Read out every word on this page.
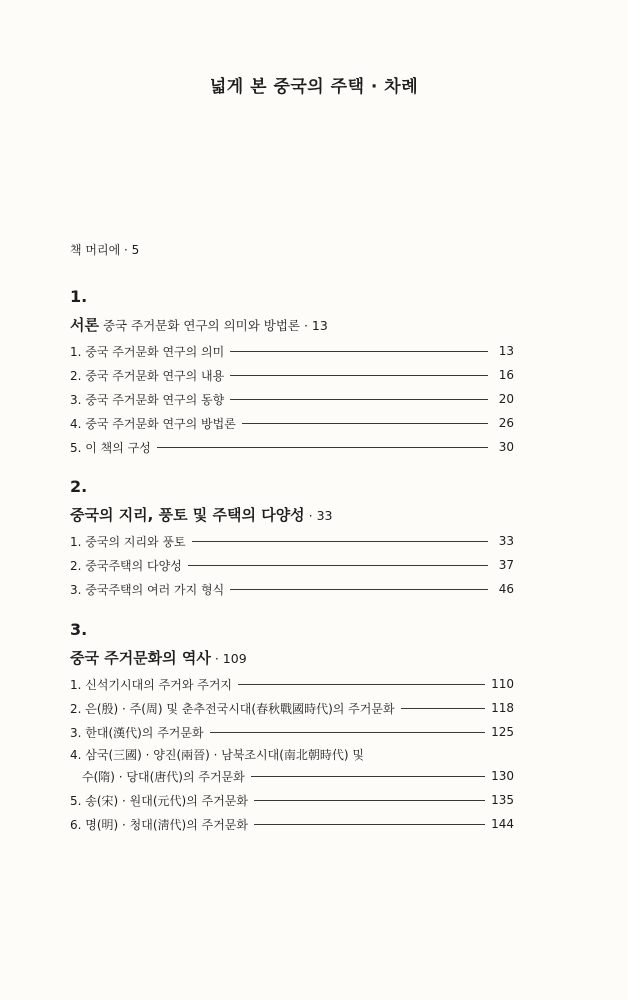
넓게 본 중국의 주택 · 차례
책 머리에 · 5
1.
서론 중국 주거문화 연구의 의미와 방법론 · 13
1. 중국 주거문화 연구의 의미	13
2. 중국 주거문화 연구의 내용	16
3. 중국 주거문화 연구의 동향	20
4. 중국 주거문화 연구의 방법론	26
5. 이 책의 구성	30
2.
중국의 지리, 풍토 및 주택의 다양성 · 33
1. 중국의 지리와 풍토	33
2. 중국주택의 다양성	37
3. 중국주택의 여러 가지 형식	46
3.
중국 주거문화의 역사 · 109
1. 신석기시대의 주거와 주거지	110
2. 은(殷) · 주(周) 및 춘추전국시대(春秋戰國時代)의 주거문화	118
3. 한대(漢代)의 주거문화	125
4. 삼국(三國) · 양진(兩晉) · 남북조시대(南北朝時代) 및
수(隋) · 당대(唐代)의 주거문화	130
5. 송(宋) · 원대(元代)의 주거문화	135
6. 명(明) · 청대(淸代)의 주거문화	144
